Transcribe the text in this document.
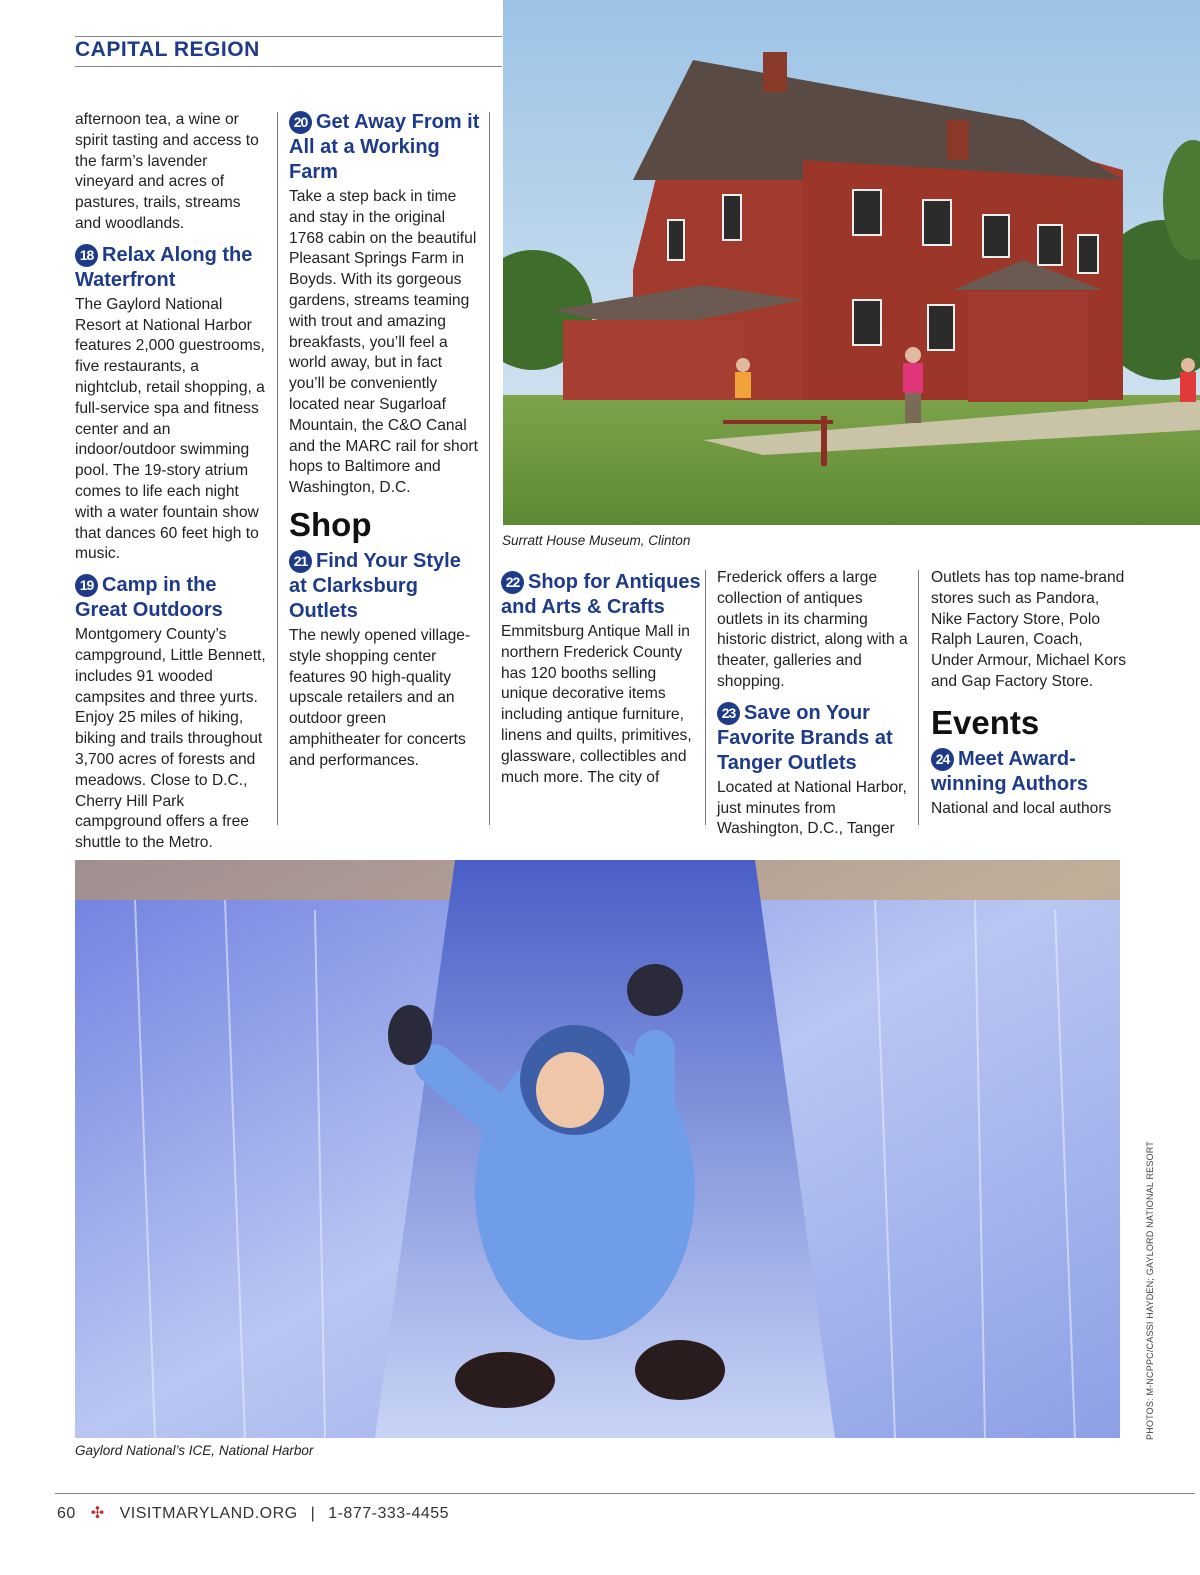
CAPITAL REGION
Surratt House Museum, Clinton

afternoon tea, a wine or spirit tasting and access to the farm’s lavender vineyard and acres of pastures, trails, streams and woodlands.

18 Relax Along the Waterfront

The Gaylord National Resort at National Harbor features 2,000 guestrooms, five restaurants, a nightclub, retail shopping, a full-service spa and fitness center and an indoor/outdoor swimming pool. The 19-story atrium comes to life each night with a water fountain show that dances 60 feet high to music.

19 Camp in the Great Outdoors

Montgomery County’s campground, Little Bennett, includes 91 wooded campsites and three yurts. Enjoy 25 miles of hiking, biking and trails throughout 3,700 acres of forests and meadows. Close to D.C., Cherry Hill Park campground offers a free shuttle to the Metro.

20 Get Away From it All at a Working Farm

Take a step back in time and stay in the original 1768 cabin on the beautiful Pleasant Springs Farm in Boyds. With its gorgeous gardens, streams teaming with trout and amazing breakfasts, you’ll feel a world away, but in fact you’ll be conveniently located near Sugarloaf Mountain, the C&O Canal and the MARC rail for short hops to Baltimore and Washington, D.C.

Shop
21 Find Your Style at Clarksburg Outlets

The newly opened village-style shopping center features 90 high-quality upscale retailers and an outdoor green amphitheater for concerts and performances.

22 Shop for Antiques and Arts & Crafts

Emmitsburg Antique Mall in northern Frederick County has 120 booths selling unique decorative items including antique furniture, linens and quilts, primitives, glassware, collectibles and much more. The city of

Frederick offers a large collection of antiques outlets in its charming historic district, along with a theater, galleries and shopping.

23 Save on Your Favorite Brands at Tanger Outlets

Located at National Harbor, just minutes from Washington, D.C., Tanger

Outlets has top name-brand stores such as Pandora, Nike Factory Store, Polo Ralph Lauren, Coach, Under Armour, Michael Kors and Gap Factory Store.

Events
24 Meet Award-winning Authors

National and local authors

Gaylord National’s ICE, National Harbor
PHOTOS: M-NCPPC/CASSI HAYDEN; GAYLORD NATIONAL RESORT
60 ✣ VISITMARYLAND.ORG | 1-877-333-4455
